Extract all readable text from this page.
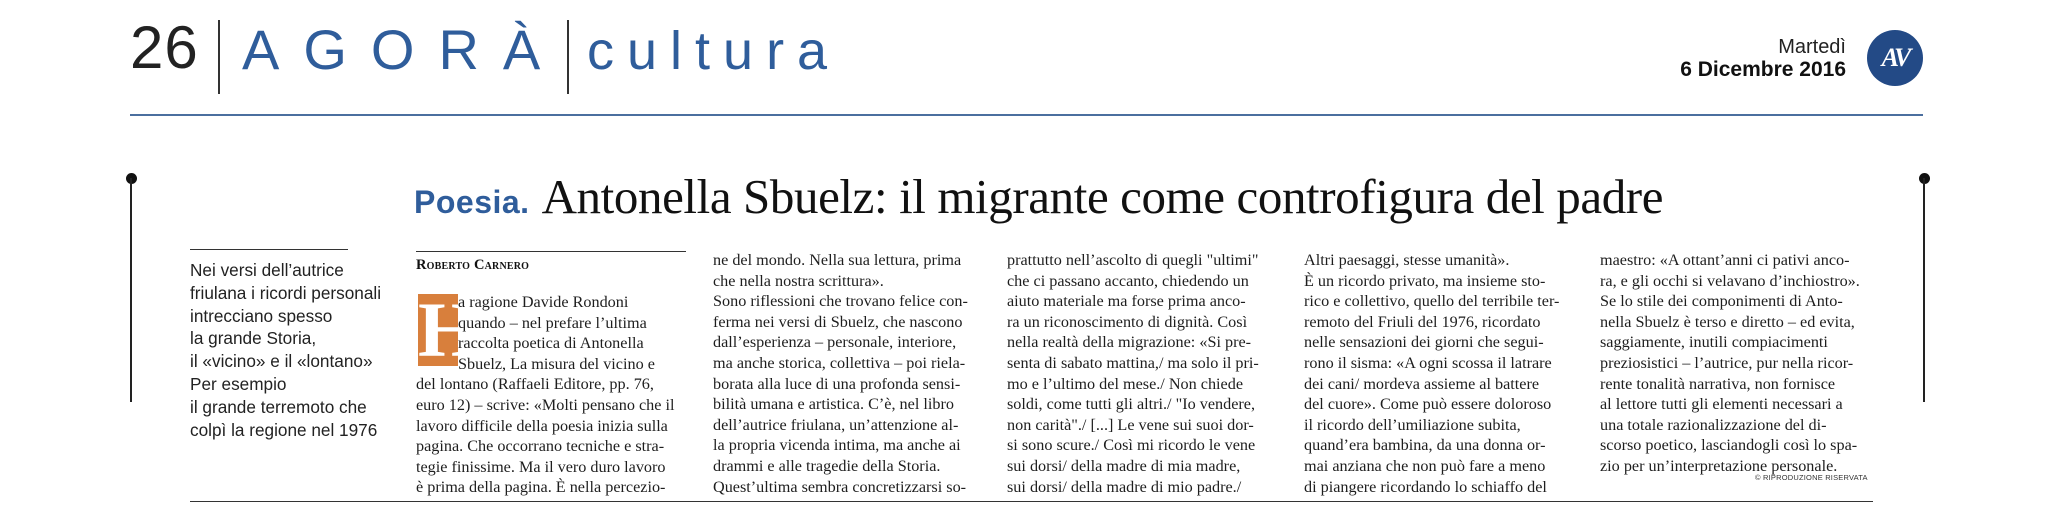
26 AGORÀ cultura	Martedì
6 Dicembre 2016	AV
Poesia. Antonella Sbuelz: il migrante come controfigura del padre
Nei versi dell’autrice
friulana i ricordi personali
intrecciano spesso
la grande Storia,
il «vicino» e il «lontano»
Per esempio
il grande terremoto che
colpì la regione nel 1976
Roberto Carnero
H
a ragione Davide Rondoni
quando – nel prefare l’ultima
raccolta poetica di Antonella
Sbuelz, La misura del vicino e
del lontano (Raffaeli Editore, pp. 76,
euro 12) – scrive: «Molti pensano che il
lavoro difficile della poesia inizia sulla
pagina. Che occorrano tecniche e stra-
tegie finissime. Ma il vero duro lavoro
è prima della pagina. È nella percezio-
ne del mondo. Nella sua lettura, prima
che nella nostra scrittura».
Sono riflessioni che trovano felice con-
ferma nei versi di Sbuelz, che nascono
dall’esperienza – personale, interiore,
ma anche storica, collettiva – poi riela-
borata alla luce di una profonda sensi-
bilità umana e artistica. C’è, nel libro
dell’autrice friulana, un’attenzione al-
la propria vicenda intima, ma anche ai
drammi e alle tragedie della Storia.
Quest’ultima sembra concretizzarsi so-
prattutto nell’ascolto di quegli "ultimi"
che ci passano accanto, chiedendo un
aiuto materiale ma forse prima anco-
ra un riconoscimento di dignità. Così
nella realtà della migrazione: «Si pre-
senta di sabato mattina,/ ma solo il pri-
mo e l’ultimo del mese./ Non chiede
soldi, come tutti gli altri./ "Io vendere,
non carità"./ [...] Le vene sui suoi dor-
si sono scure./ Così mi ricordo le vene
sui dorsi/ della madre di mia madre,
sui dorsi/ della madre di mio padre./
Altri paesaggi, stesse umanità».
È un ricordo privato, ma insieme sto-
rico e collettivo, quello del terribile ter-
remoto del Friuli del 1976, ricordato
nelle sensazioni dei giorni che segui-
rono il sisma: «A ogni scossa il latrare
dei cani/ mordeva assieme al battere
del cuore». Come può essere doloroso
il ricordo dell’umiliazione subita,
quand’era bambina, da una donna or-
mai anziana che non può fare a meno
di piangere ricordando lo schiaffo del
maestro: «A ottant’anni ci pativi anco-
ra, e gli occhi si velavano d’inchiostro».
Se lo stile dei componimenti di Anto-
nella Sbuelz è terso e diretto – ed evita,
saggiamente, inutili compiacimenti
preziosistici – l’autrice, pur nella ricor-
rente tonalità narrativa, non fornisce
al lettore tutti gli elementi necessari a
una totale razionalizzazione del di-
scorso poetico, lasciandogli così lo spa-
zio per un’interpretazione personale.
© RIPRODUZIONE RISERVATA
